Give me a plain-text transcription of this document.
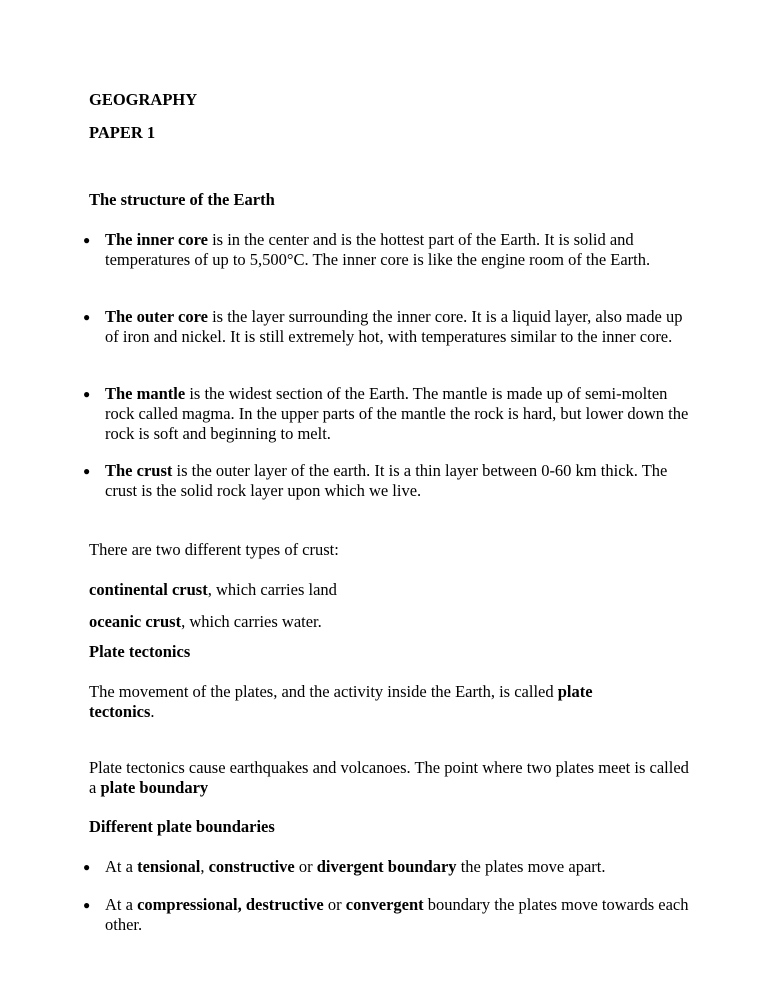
GEOGRAPHY

PAPER 1

The structure of the Earth

● The inner core is in the center and is the hottest part of the Earth. It is solid and temperatures of up to 5,500°C. The inner core is like the engine room of the Earth.

● The outer core is the layer surrounding the inner core. It is a liquid layer, also made up of iron and nickel. It is still extremely hot, with temperatures similar to the inner core.

● The mantle is the widest section of the Earth. The mantle is made up of semi-molten rock called magma. In the upper parts of the mantle the rock is hard, but lower down the rock is soft and beginning to melt.

● The crust is the outer layer of the earth. It is a thin layer between 0-60 km thick. The crust is the solid rock layer upon which we live.

There are two different types of crust:

continental crust, which carries land

oceanic crust, which carries water.

Plate tectonics

The movement of the plates, and the activity inside the Earth, is called plate tectonics.

Plate tectonics cause earthquakes and volcanoes. The point where two plates meet is called a plate boundary

Different plate boundaries

● At a tensional, constructive or divergent boundary the plates move apart.

● At a compressional, destructive or convergent boundary the plates move towards each other.
